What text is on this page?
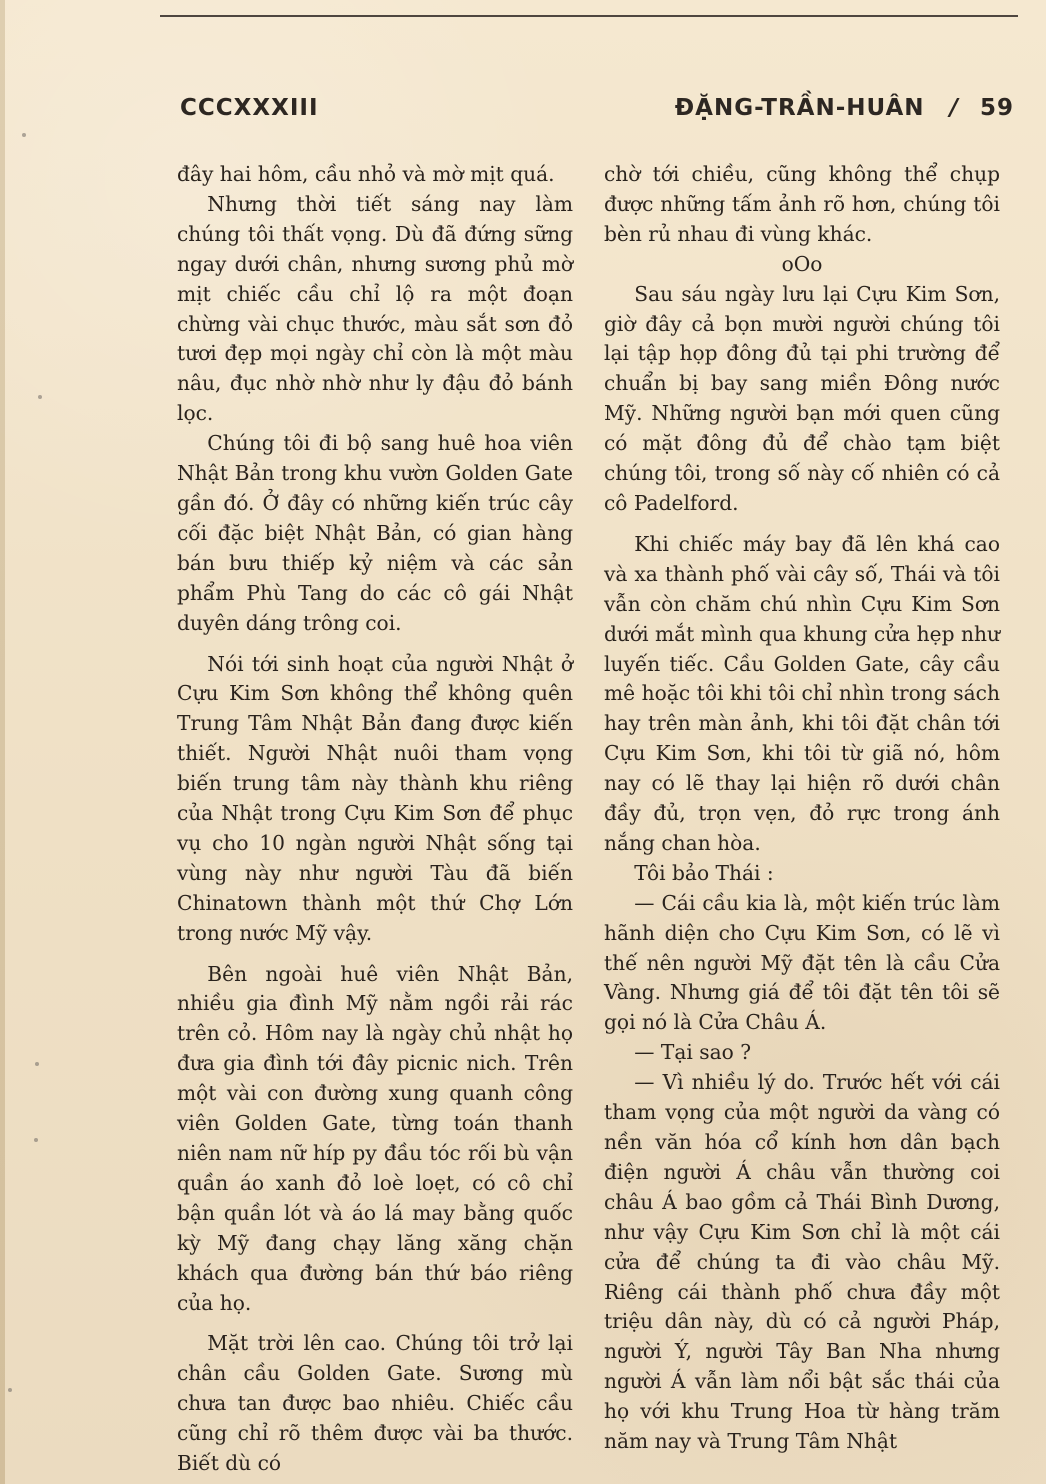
CCCXXXIII	ĐẶNG-TRẦN-HUÂN / 59

đây hai hôm, cầu nhỏ và mờ mịt quá.

Nhưng thời tiết sáng nay làm chúng tôi thất vọng. Dù đã đứng sững ngay dưới chân, nhưng sương phủ mờ mịt chiếc cầu chỉ lộ ra một đoạn chừng vài chục thước, màu sắt sơn đỏ tươi đẹp mọi ngày chỉ còn là một màu nâu, đục nhờ nhờ như ly đậu đỏ bánh lọc.

Chúng tôi đi bộ sang huê hoa viên Nhật Bản trong khu vườn Golden Gate gần đó. Ở đây có những kiến trúc cây cối đặc biệt Nhật Bản, có gian hàng bán bưu thiếp kỷ niệm và các sản phẩm Phù Tang do các cô gái Nhật duyên dáng trông coi.

Nói tới sinh hoạt của người Nhật ở Cựu Kim Sơn không thể không quên Trung Tâm Nhật Bản đang được kiến thiết. Người Nhật nuôi tham vọng biến trung tâm này thành khu riêng của Nhật trong Cựu Kim Sơn để phục vụ cho 10 ngàn người Nhật sống tại vùng này như người Tàu đã biến Chinatown thành một thứ Chợ Lớn trong nước Mỹ vậy.

Bên ngoài huê viên Nhật Bản, nhiều gia đình Mỹ nằm ngồi rải rác trên cỏ. Hôm nay là ngày chủ nhật họ đưa gia đình tới đây picnic nich. Trên một vài con đường xung quanh công viên Golden Gate, từng toán thanh niên nam nữ híp py đầu tóc rối bù vận quần áo xanh đỏ loè loẹt, có cô chỉ bận quần lót và áo lá may bằng quốc kỳ Mỹ đang chạy lăng xăng chặn khách qua đường bán thứ báo riêng của họ.

Mặt trời lên cao. Chúng tôi trở lại chân cầu Golden Gate. Sương mù chưa tan được bao nhiêu. Chiếc cầu cũng chỉ rõ thêm được vài ba thước. Biết dù có

chờ tới chiều, cũng không thể chụp được những tấm ảnh rõ hơn, chúng tôi bèn rủ nhau đi vùng khác.

oOo

Sau sáu ngày lưu lại Cựu Kim Sơn, giờ đây cả bọn mười người chúng tôi lại tập họp đông đủ tại phi trường để chuẩn bị bay sang miền Đông nước Mỹ. Những người bạn mới quen cũng có mặt đông đủ để chào tạm biệt chúng tôi, trong số này cố nhiên có cả cô Padelford.

Khi chiếc máy bay đã lên khá cao và xa thành phố vài cây số, Thái và tôi vẫn còn chăm chú nhìn Cựu Kim Sơn dưới mắt mình qua khung cửa hẹp như luyến tiếc. Cầu Golden Gate, cây cầu mê hoặc tôi khi tôi chỉ nhìn trong sách hay trên màn ảnh, khi tôi đặt chân tới Cựu Kim Sơn, khi tôi từ giã nó, hôm nay có lẽ thay lại hiện rõ dưới chân đầy đủ, trọn vẹn, đỏ rực trong ánh nắng chan hòa.

Tôi bảo Thái :

— Cái cầu kia là, một kiến trúc làm hãnh diện cho Cựu Kim Sơn, có lẽ vì thế nên người Mỹ đặt tên là cầu Cửa Vàng. Nhưng giá để tôi đặt tên tôi sẽ gọi nó là Cửa Châu Á.

— Tại sao ?

— Vì nhiều lý do. Trước hết với cái tham vọng của một người da vàng có nền văn hóa cổ kính hơn dân bạch điện người Á châu vẫn thường coi châu Á bao gồm cả Thái Bình Dương, như vậy Cựu Kim Sơn chỉ là một cái cửa để chúng ta đi vào châu Mỹ. Riêng cái thành phố chưa đầy một triệu dân này, dù có cả người Pháp, người Ý, người Tây Ban Nha nhưng người Á vẫn làm nổi bật sắc thái của họ với khu Trung Hoa từ hàng trăm năm nay và Trung Tâm Nhật
